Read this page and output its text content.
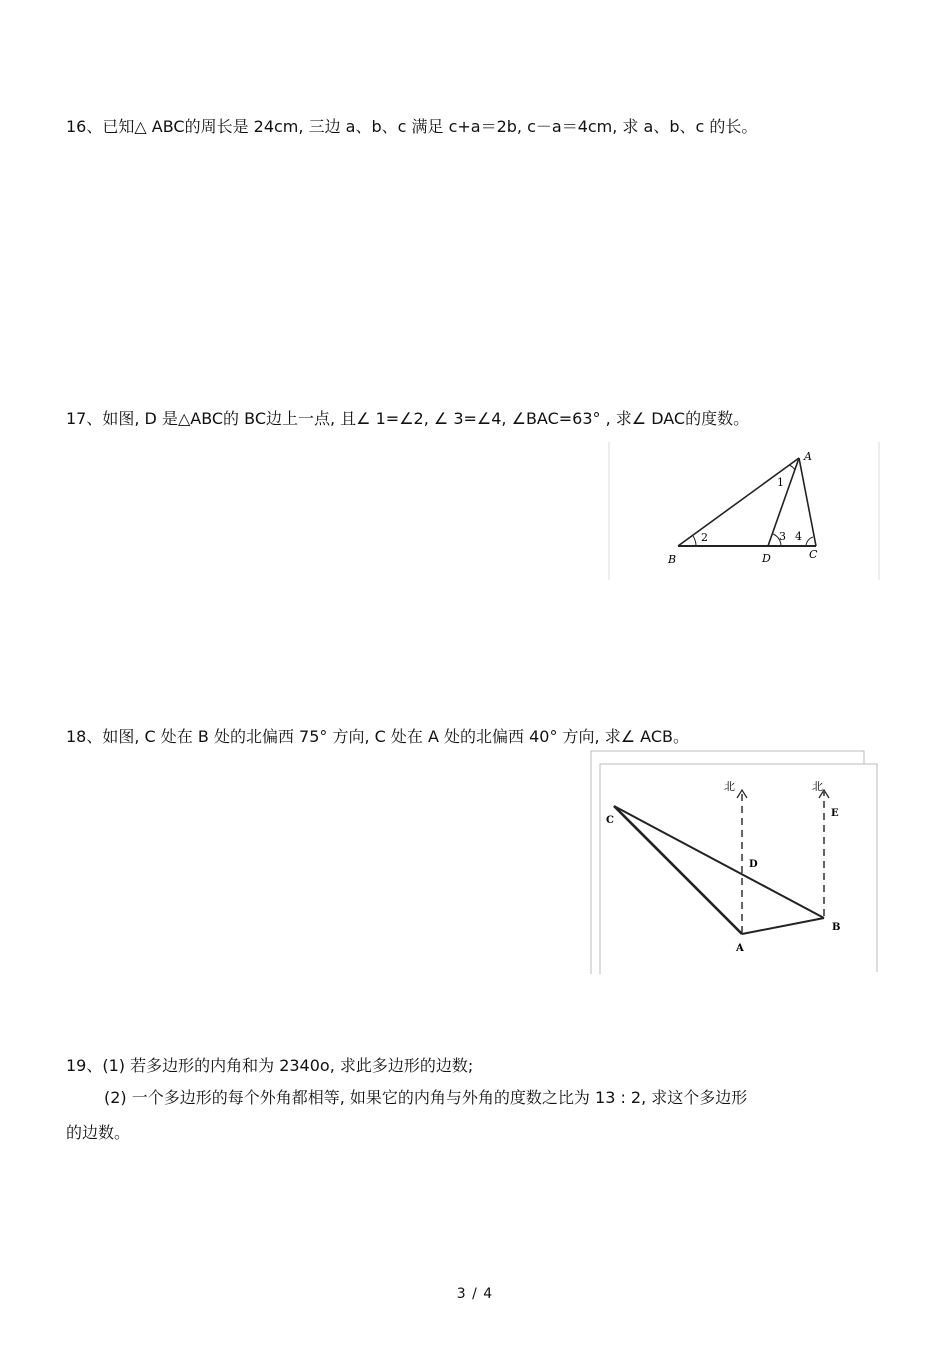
16、已知△ ABC的周长是 24cm, 三边 a、b、c 满足 c+a＝2b, c－a＝4cm, 求 a、b、c 的长。
17、如图, D 是△ABC的 BC边上一点, 且∠ 1=∠2, ∠ 3=∠4, ∠BAC=63° , 求∠ DAC的度数。
A
B	C
D
1
2	3 4
18、如图, C 处在 B 处的北偏西 75° 方向, C 处在 A 处的北偏西 40° 方向, 求∠ ACB。
北	北
A
B
C
D
E
19、(1) 若多边形的内角和为 2340o, 求此多边形的边数;
(2) 一个多边形的每个外角都相等, 如果它的内角与外角的度数之比为 13 : 2, 求这个多边形
的边数。
3 / 4
